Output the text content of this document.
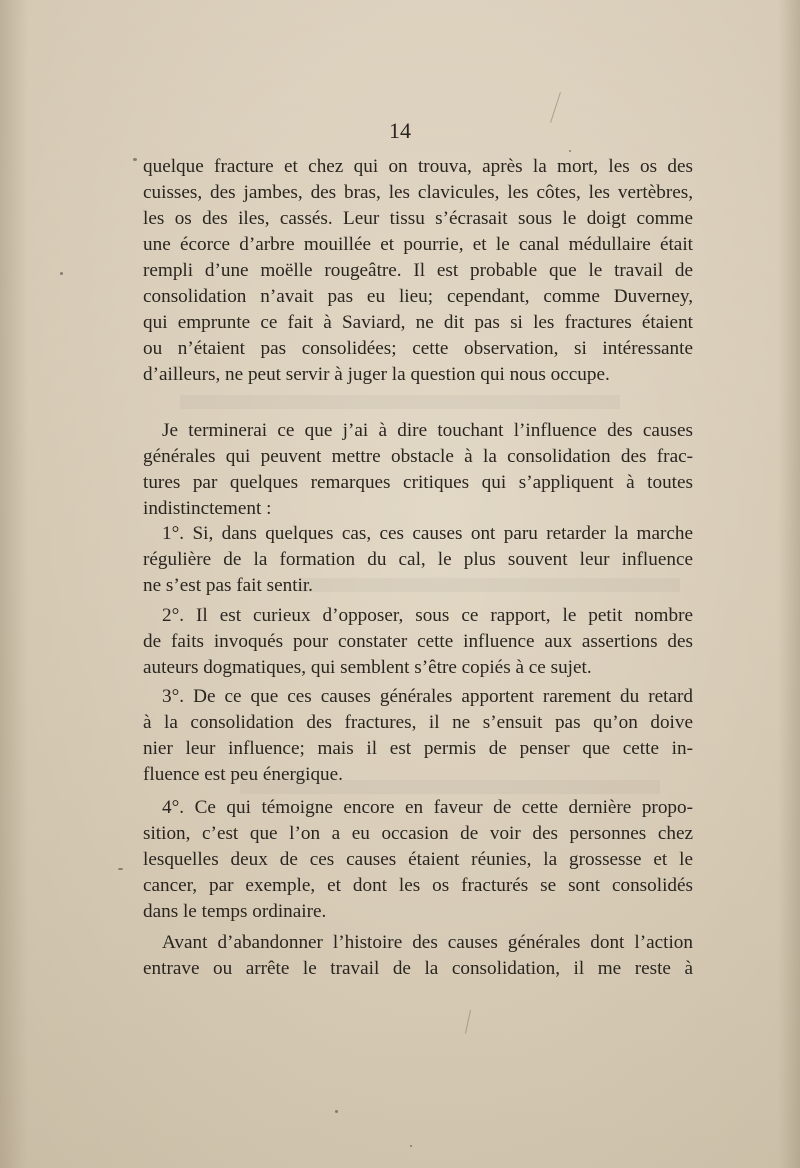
14
quelque fracture et chez qui on trouva, après la mort, les os des
cuisses, des jambes, des bras, les clavicules, les côtes, les vertèbres,
les os des iles, cassés. Leur tissu s’écrasait sous le doigt comme
une écorce d’arbre mouillée et pourrie, et le canal médullaire était
rempli d’une moëlle rougeâtre. Il est probable que le travail de
consolidation n’avait pas eu lieu; cependant, comme Duverney,
qui emprunte ce fait à Saviard, ne dit pas si les fractures étaient
ou n’étaient pas consolidées; cette observation, si intéressante
d’ailleurs, ne peut servir à juger la question qui nous occupe.
Je terminerai ce que j’ai à dire touchant l’influence des causes
générales qui peuvent mettre obstacle à la consolidation des frac-
tures par quelques remarques critiques qui s’appliquent à toutes
indistinctement :
1°. Si, dans quelques cas, ces causes ont paru retarder la marche
régulière de la formation du cal, le plus souvent leur influence
ne s’est pas fait sentir.
2°. Il est curieux d’opposer, sous ce rapport, le petit nombre
de faits invoqués pour constater cette influence aux assertions des
auteurs dogmatiques, qui semblent s’être copiés à ce sujet.
3°. De ce que ces causes générales apportent rarement du retard
à la consolidation des fractures, il ne s’ensuit pas qu’on doive
nier leur influence; mais il est permis de penser que cette in-
fluence est peu énergique.
4°. Ce qui témoigne encore en faveur de cette dernière propo-
sition, c’est que l’on a eu occasion de voir des personnes chez
lesquelles deux de ces causes étaient réunies, la grossesse et le
cancer, par exemple, et dont les os fracturés se sont consolidés
dans le temps ordinaire.
Avant d’abandonner l’histoire des causes générales dont l’action
entrave ou arrête le travail de la consolidation, il me reste à
